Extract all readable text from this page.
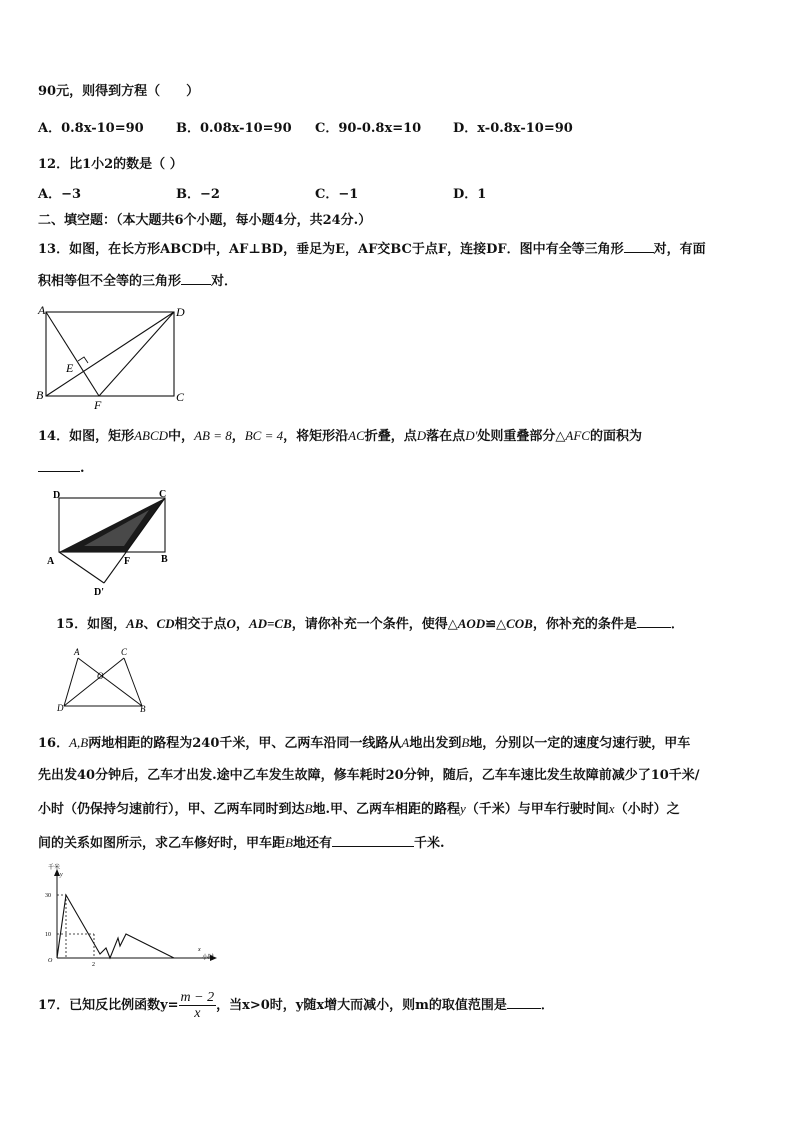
90元，则得到方程（　　）
A．0.8x-10=90 B．0.08x-10=90 C．90-0.8x=10 D．x-0.8x-10=90
12．比1小2的数是（ ）
A．−3	B．−2	C．−1	D．1
二、填空题：（本大题共6个小题，每小题4分，共24分.）
13．如图，在长方形ABCD中，AF⊥BD，垂足为E，AF交BC于点F，连接DF．图中有全等三角形 对，有面
积相等但不全等的三角形 对．
A	D
B	C
E
F
14．如图，矩形ABCD中，AB = 8，BC = 4，将矩形沿AC折叠，点D落在点D'处则重叠部分△AFC的面积为
.
D	C
A	B
F
D'
15．如图，AB、CD相交于点O，AD=CB，请你补充一个条件，使得△AOD≌△COB，你补充的条件是	．
A	C
O
D	B
16．A,B两地相距的路程为240千米，甲、乙两车沿同一线路从A地出发到B地，分别以一定的速度匀速行驶，甲车
先出发40分钟后，乙车才出发.途中乙车发生故障，修车耗时20分钟，随后，乙车车速比发生故障前减少了10千米/
小时（仍保持匀速前行），甲、乙两车同时到达B地.甲、乙两车相距的路程y（千米）与甲车行驶时间x（小时）之
间的关系如图所示，求乙车修好时，甲车距B地还有	千米.
千米
y
30
10
O
2
x
小时
17．已知反比例函数$y= \frac{m - 2}{x}$ ，当x>0时，y随x增大而减小，则m的取值范围是	．
